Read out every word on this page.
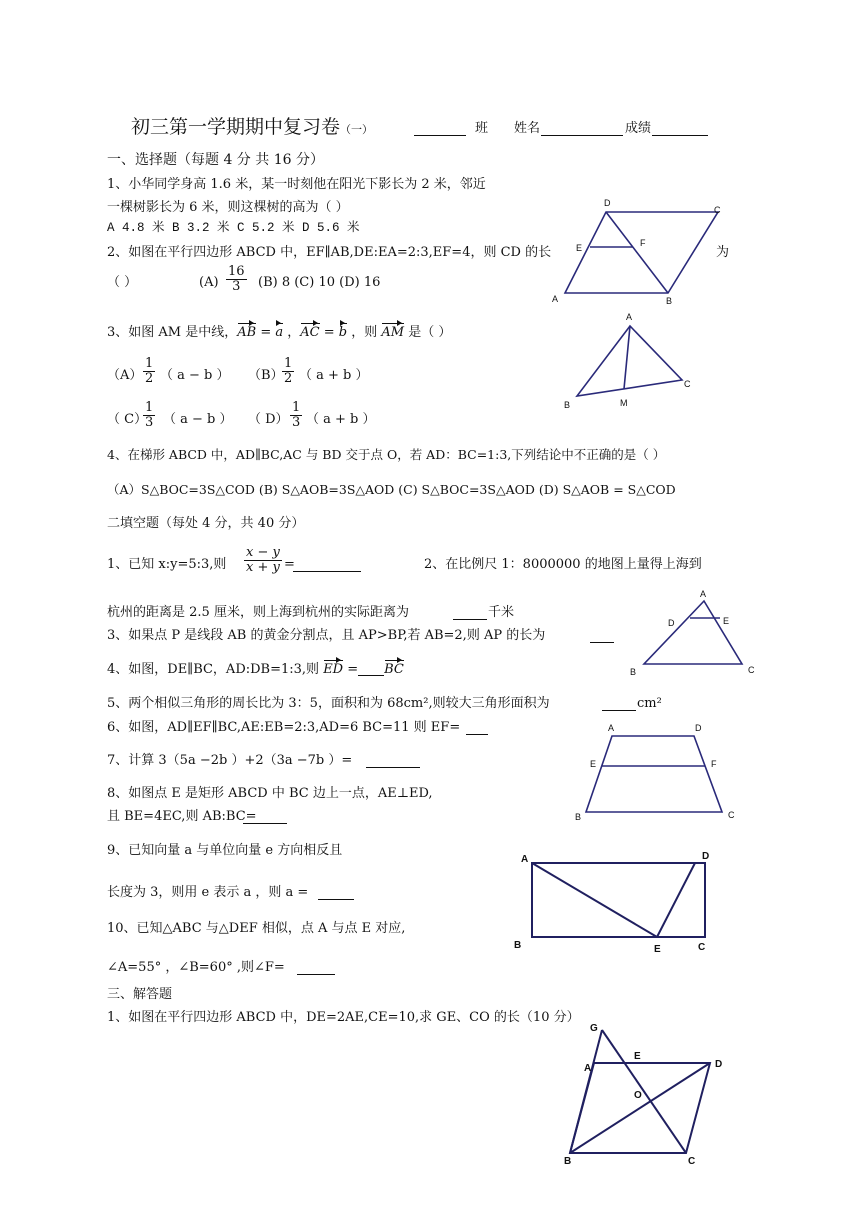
初三第一学期期中复习卷（一）	班 姓名	成绩
一、选择题（每题 4 分 共 16 分）
1、小华同学身高 1.6 米，某一时刻他在阳光下影长为 2 米，邻近
一棵树影长为 6 米，则这棵树的高为（ ）
A 4.8 米 B 3.2 米 C 5.2 米 D 5.6 米
2、如图在平行四边形 ABCD 中，EF∥AB,DE:EA=2:3,EF=4，则 CD 的长	为
（ ）	$(A) \frac{16}{3} (B)$ 8 (C) 10 (D) 16
3、如图 AM 是中线，AB = a ，AC = b ，则 AM 是（ ）
$(A) \frac{1}{2}$ （ a − b ） （B）
$\frac{1}{2}$ （ a + b ）
（ C）
$\frac{1}{3}$ （ a − b ） （ $D) \frac{1}{3}$ （ a + b ）
4、在梯形 ABCD 中，AD∥BC,AC 与 BD 交于点 O，若 AD：BC=1:3,下列结论中不正确的是（ ）
（A）S△BOC=3S△COD (B) S△AOB=3S△AOD (C) S△BOC=3S△AOD (D) S△AOB = S△COD
二填空题（每处 4 分，共 40 分）
1、已知 x:y=5:3,则 $\frac{x - y}{x + y}$ =	2、在比例尺 1：8000000 的地图上量得上海到
杭州的距离是 2.5 厘米，则上海到杭州的实际距离为	千米
3、如果点 P 是线段 AB 的黄金分割点，且 AP>BP,若 AB=2,则 AP 的长为
4、如图，DE∥BC，AD:DB=1:3,则 ED = BC
5、两个相似三角形的周长比为 3：5，面积和为 68cm²,则较大三角形面积为	cm²
6、如图，AD∥EF∥BC,AE:EB=2:3,AD=6 BC=11 则 EF=
7、计算 3（5a −2b ）+2（3a −7b ）=
8、如图点 E 是矩形 ABCD 中 BC 边上一点，AE⊥ED,
且 BE=4EC,则 AB:BC=
9、已知向量 a 与单位向量 e 方向相反且
长度为 3，则用 e 表示 a ，则 a =
10、已知△ABC 与△DEF 相似，点 A 与点 E 对应,
∠A=55° ，∠B=60° ,则∠F=
三、解答题
1、如图在平行四边形 ABCD 中，DE=2AE,CE=10,求 GE、CO 的长（10 分）
D
C
E	F
A	B
A
B
C
M
A
D	E
B	C
A	D
E	F
B	C
A	D
B	E	C
G
E
D
A
O
B	C
